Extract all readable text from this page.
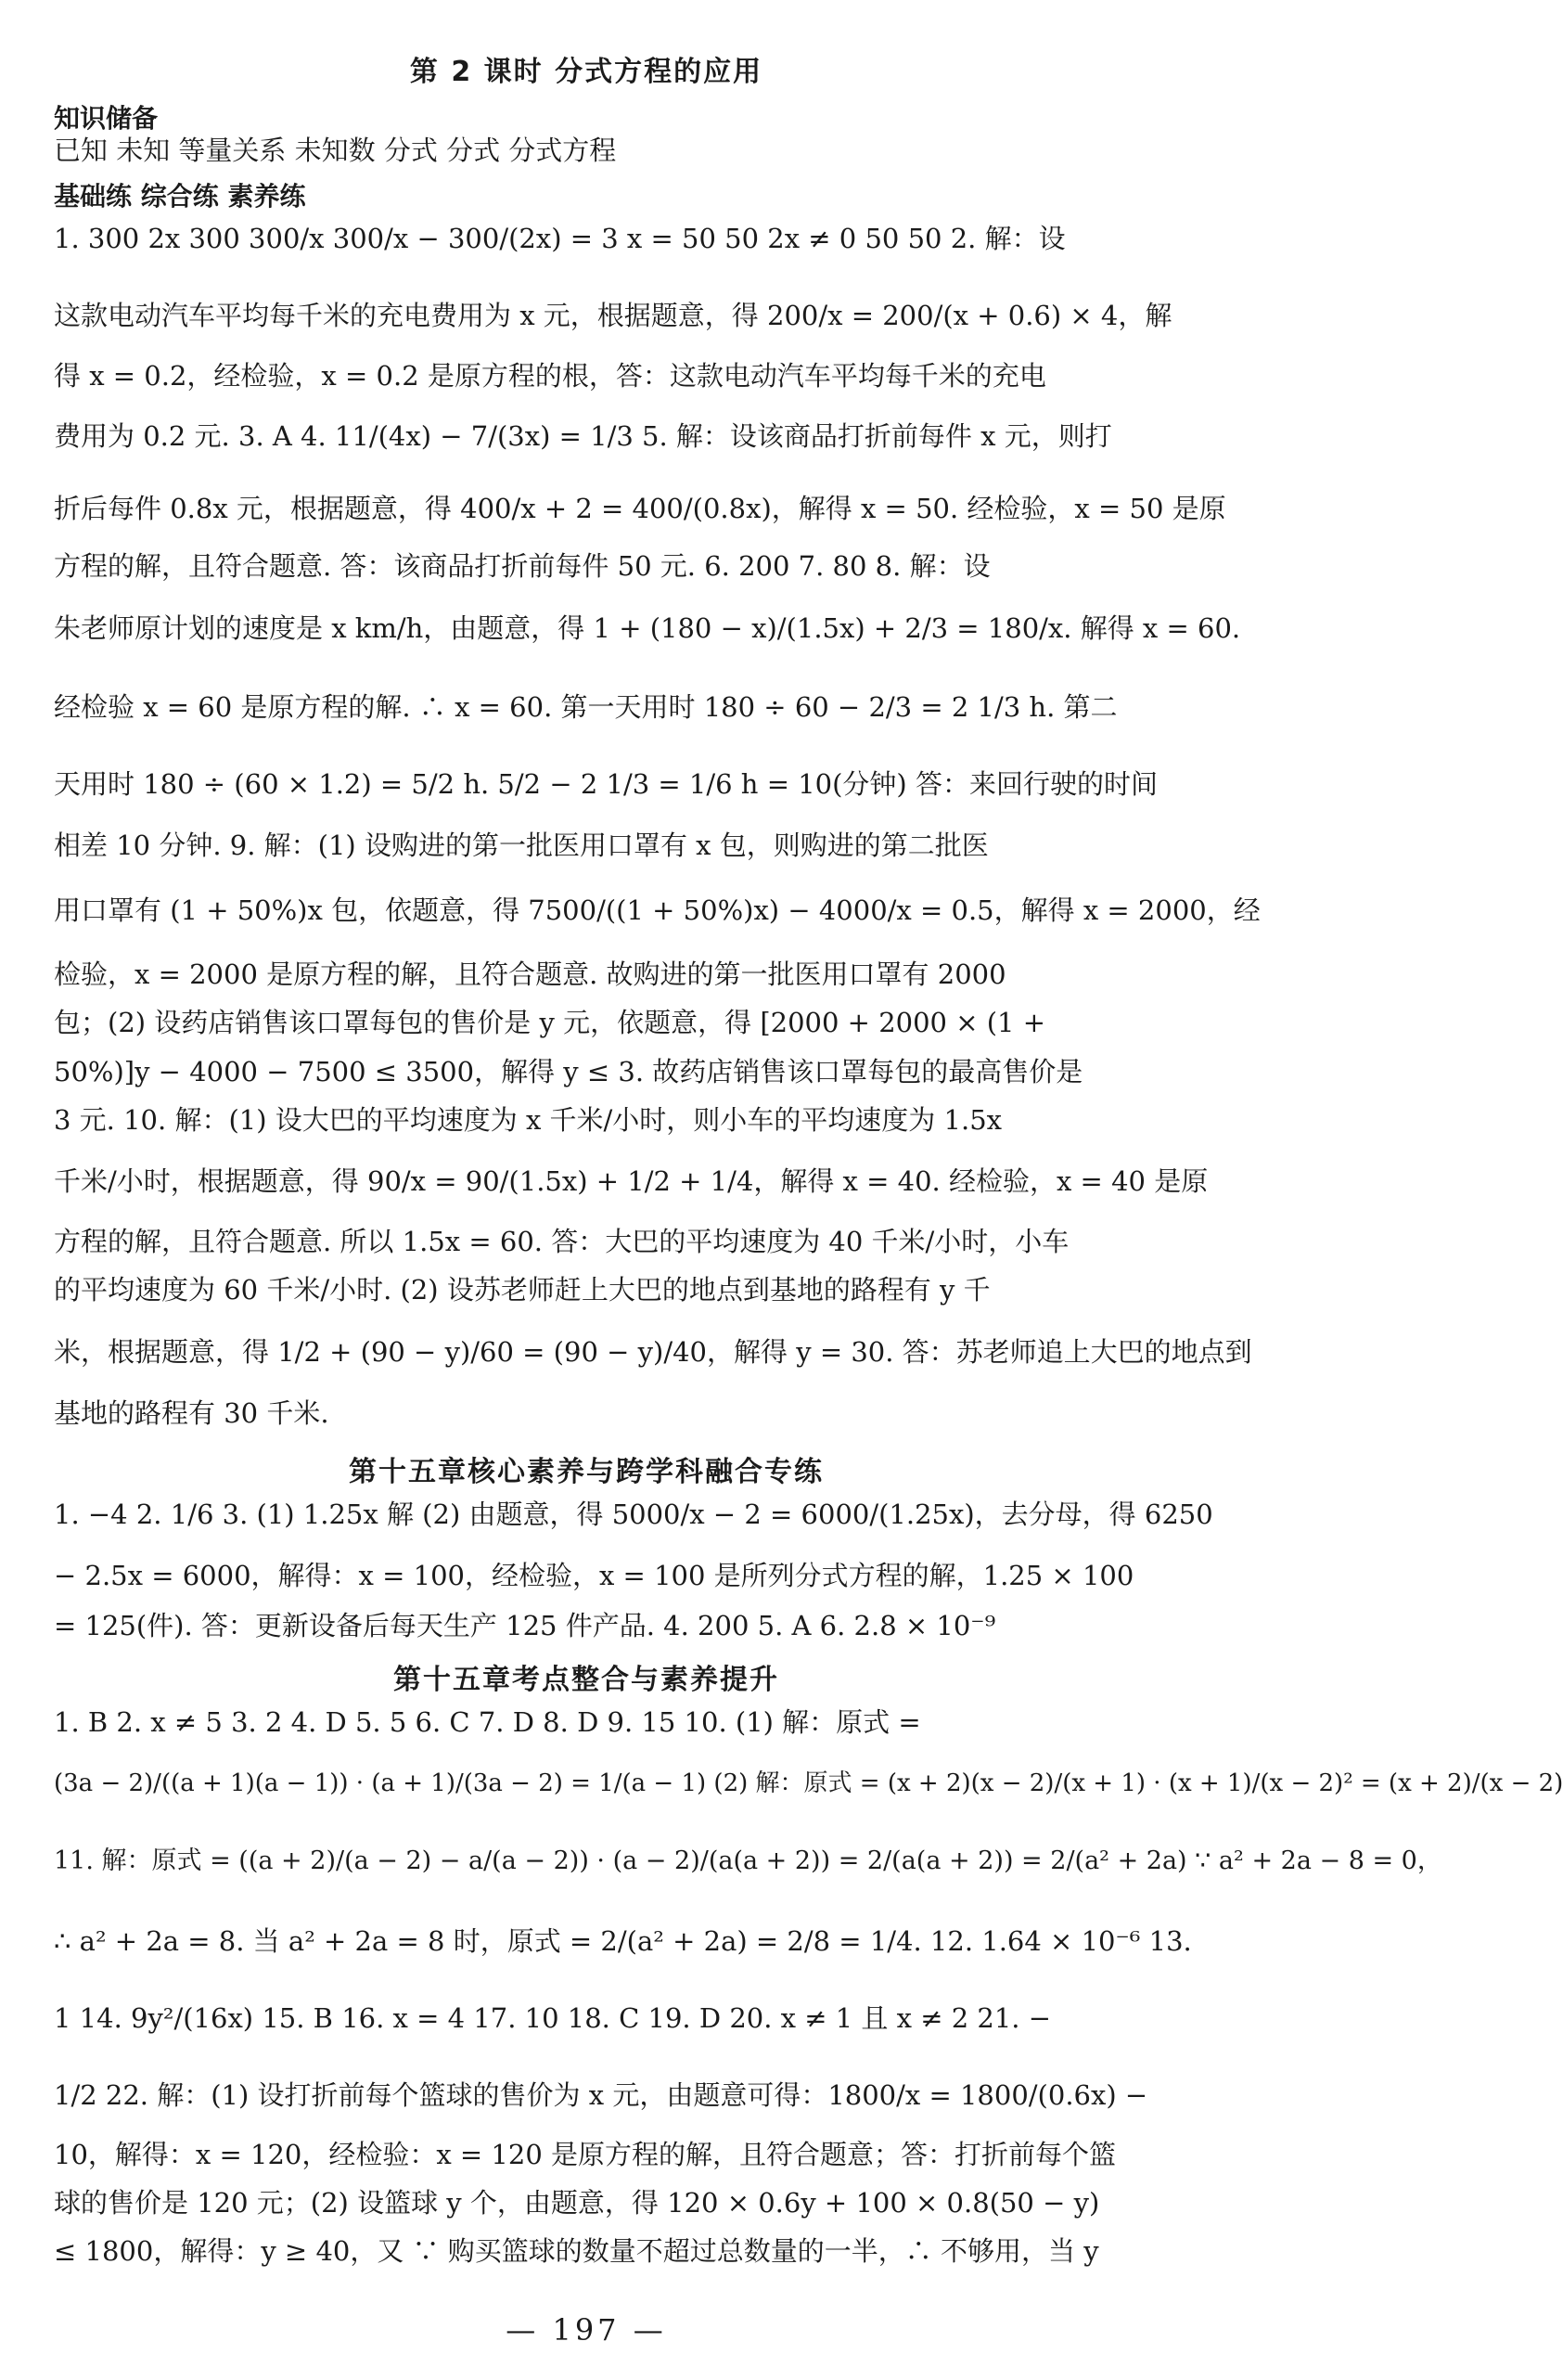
第 2 课时 分式方程的应用
知识储备
已知 未知 等量关系 未知数 分式 分式 分式方程
基础练 综合练 素养练
1. 300 2x 300 300/x 300/x − 300/(2x) = 3 x = 50 50 2x ≠ 0 50 50 2. 解：设
这款电动汽车平均每千米的充电费用为 x 元，根据题意，得 200/x = 200/(x + 0.6) × 4，解
得 x = 0.2，经检验，x = 0.2 是原方程的根，答：这款电动汽车平均每千米的充电
费用为 0.2 元. 3. A 4. 11/(4x) − 7/(3x) = 1/3 5. 解：设该商品打折前每件 x 元，则打
折后每件 0.8x 元，根据题意，得 400/x + 2 = 400/(0.8x)，解得 x = 50. 经检验，x = 50 是原
方程的解，且符合题意. 答：该商品打折前每件 50 元. 6. 200 7. 80 8. 解：设
朱老师原计划的速度是 x km/h，由题意，得 1 + (180 − x)/(1.5x) + 2/3 = 180/x. 解得 x = 60.
经检验 x = 60 是原方程的解. ∴ x = 60. 第一天用时 180 ÷ 60 − 2/3 = 2 1/3 h. 第二
天用时 180 ÷ (60 × 1.2) = 5/2 h. 5/2 − 2 1/3 = 1/6 h = 10(分钟) 答：来回行驶的时间
相差 10 分钟. 9. 解：(1) 设购进的第一批医用口罩有 x 包，则购进的第二批医
用口罩有 (1 + 50%)x 包，依题意，得 7500/((1 + 50%)x) − 4000/x = 0.5，解得 x = 2000，经
检验，x = 2000 是原方程的解，且符合题意. 故购进的第一批医用口罩有 2000
包；(2) 设药店销售该口罩每包的售价是 y 元，依题意，得 [2000 + 2000 × (1 +
50%)]y − 4000 − 7500 ≤ 3500，解得 y ≤ 3. 故药店销售该口罩每包的最高售价是
3 元. 10. 解：(1) 设大巴的平均速度为 x 千米/小时，则小车的平均速度为 1.5x
千米/小时，根据题意，得 90/x = 90/(1.5x) + 1/2 + 1/4，解得 x = 40. 经检验，x = 40 是原
方程的解，且符合题意. 所以 1.5x = 60. 答：大巴的平均速度为 40 千米/小时，小车
的平均速度为 60 千米/小时. (2) 设苏老师赶上大巴的地点到基地的路程有 y 千
米，根据题意，得 1/2 + (90 − y)/60 = (90 − y)/40，解得 y = 30. 答：苏老师追上大巴的地点到
基地的路程有 30 千米.
第十五章核心素养与跨学科融合专练
1. −4 2. 1/6 3. (1) 1.25x 解 (2) 由题意，得 5000/x − 2 = 6000/(1.25x)，去分母，得 6250
− 2.5x = 6000，解得：x = 100，经检验，x = 100 是所列分式方程的解，1.25 × 100
= 125(件). 答：更新设备后每天生产 125 件产品. 4. 200 5. A 6. 2.8 × 10⁻⁹
第十五章考点整合与素养提升
1. B 2. x ≠ 5 3. 2 4. D 5. 5 6. C 7. D 8. D 9. 15 10. (1) 解：原式 =
(3a − 2)/((a + 1)(a − 1)) · (a + 1)/(3a − 2) = 1/(a − 1) (2) 解：原式 = (x + 2)(x − 2)/(x + 1) · (x + 1)/(x − 2)² = (x + 2)/(x − 2)
11. 解：原式 = ((a + 2)/(a − 2) − a/(a − 2)) · (a − 2)/(a(a + 2)) = 2/(a(a + 2)) = 2/(a² + 2a) ∵ a² + 2a − 8 = 0，
∴ a² + 2a = 8. 当 a² + 2a = 8 时，原式 = 2/(a² + 2a) = 2/8 = 1/4. 12. 1.64 × 10⁻⁶ 13.
1 14. 9y²/(16x) 15. B 16. x = 4 17. 10 18. C 19. D 20. x ≠ 1 且 x ≠ 2 21. −
1/2 22. 解：(1) 设打折前每个篮球的售价为 x 元，由题意可得：1800/x = 1800/(0.6x) −
10，解得：x = 120，经检验：x = 120 是原方程的解，且符合题意；答：打折前每个篮
球的售价是 120 元；(2) 设篮球 y 个，由题意，得 120 × 0.6y + 100 × 0.8(50 − y)
≤ 1800，解得：y ≥ 40，又 ∵ 购买篮球的数量不超过总数量的一半，∴ 不够用，当 y
— 197 —
